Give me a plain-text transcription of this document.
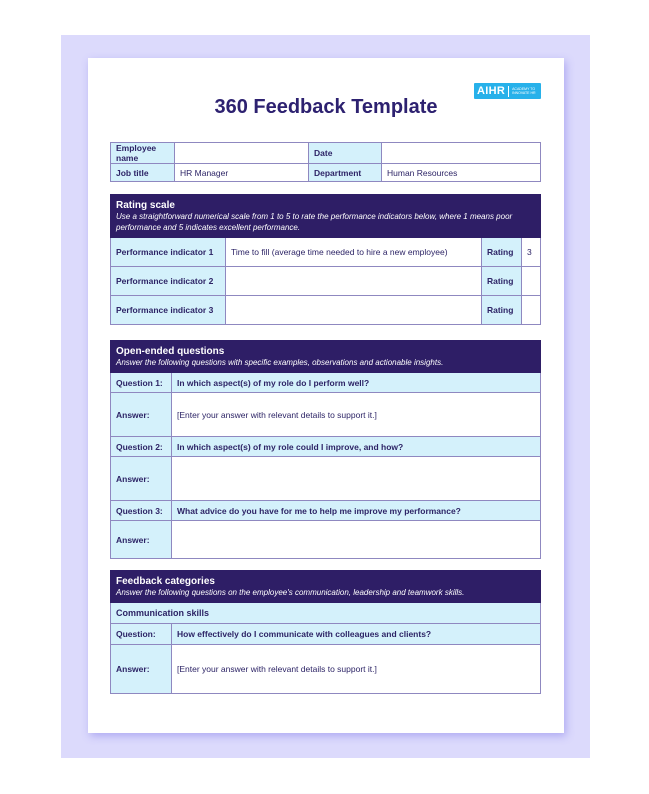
AIHR ACADEMY TO INNOVATE HR
360 Feedback Template
Employee name		Date	
Job title	HR Manager	Department	Human Resources
Rating scale
Use a straightforward numerical scale from 1 to 5 to rate the performance indicators below, where 1 means poor performance and 5 indicates excellent performance.			

Performance indicator 1	Time to fill (average time needed to hire a new employee)	Rating	3
Performance indicator 2		Rating	
Performance indicator 3		Rating	
Open-ended questions
Answer the following questions with specific examples, observations and actionable insights.	

Question 1:	In which aspect(s) of my role do I perform well?
Answer:	[Enter your answer with relevant details to support it.]
Question 2:	In which aspect(s) of my role could I improve, and how?
Answer:	
Question 3:	What advice do you have for me to help me improve my performance?
Answer:	
Feedback categories
Answer the following questions on the employee's communication, leadership and teamwork skills.	

Communication skills	
Question:	How effectively do I communicate with colleagues and clients?
Answer:	[Enter your answer with relevant details to support it.]
